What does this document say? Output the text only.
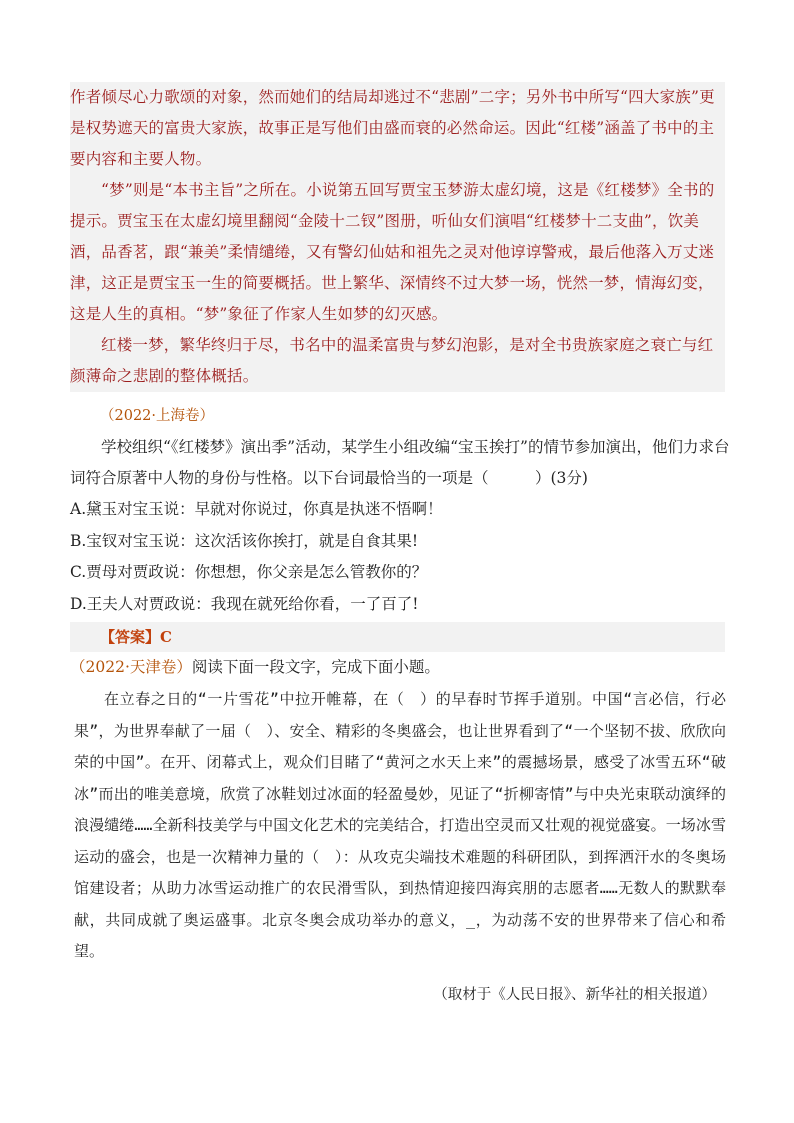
作者倾尽心力歌颂的对象，然而她们的结局却逃过不“悲剧”二字；另外书中所写“四大家族”更是权势遮天的富贵大家族，故事正是写他们由盛而衰的必然命运。因此“红楼”涵盖了书中的主要内容和主要人物。

“梦”则是“本书主旨”之所在。小说第五回写贾宝玉梦游太虚幻境，这是《红楼梦》全书的提示。贾宝玉在太虚幻境里翻阅“金陵十二钗”图册，听仙女们演唱“红楼梦十二支曲”，饮美酒，品香茗，跟“兼美”柔情缱绻，又有警幻仙姑和祖先之灵对他谆谆警戒，最后他落入万丈迷津，这正是贾宝玉一生的简要概括。世上繁华、深情终不过大梦一场，恍然一梦，情海幻变，这是人生的真相。“梦”象征了作家人生如梦的幻灭感。

红楼一梦，繁华终归于尽，书名中的温柔富贵与梦幻泡影，是对全书贵族家庭之衰亡与红颜薄命之悲剧的整体概括。

（2022·上海卷）

学校组织“《红楼梦》演出季”活动，某学生小组改编“宝玉挨打”的情节参加演出，他们力求台词符合原著中人物的身份与性格。以下台词最恰当的一项是（　　　）(3分)

A.黛玉对宝玉说：早就对你说过，你真是执迷不悟啊！

B.宝钗对宝玉说：这次活该你挨打，就是自食其果!

C.贾母对贾政说：你想想，你父亲是怎么管教你的？

D.王夫人对贾政说：我现在就死给你看，一了百了!

【答案】C
（2022·天津卷）阅读下面一段文字，完成下面小题。

在立春之日的“一片雪花”中拉开帷幕，在（　）的早春时节挥手道别。中国“言必信，行必果”，为世界奉献了一届（　）、安全、精彩的冬奥盛会，也让世界看到了“一个坚韧不拔、欣欣向荣的中国”。在开、闭幕式上，观众们目睹了“黄河之水天上来”的震撼场景，感受了冰雪五环“破冰”而出的唯美意境，欣赏了冰鞋划过冰面的轻盈曼妙，见证了“折柳寄情”与中央光束联动演绎的浪漫缱绻……全新科技美学与中国文化艺术的完美结合，打造出空灵而又壮观的视觉盛宴。一场冰雪运动的盛会，也是一次精神力量的（　）：从攻克尖端技术难题的科研团队，到挥洒汗水的冬奥场馆建设者；从助力冰雪运动推广的农民滑雪队，到热情迎接四海宾朋的志愿者……无数人的默默奉献，共同成就了奥运盛事。北京冬奥会成功举办的意义，_，为动荡不安的世界带来了信心和希望。

（取材于《人民日报》、新华社的相关报道）
